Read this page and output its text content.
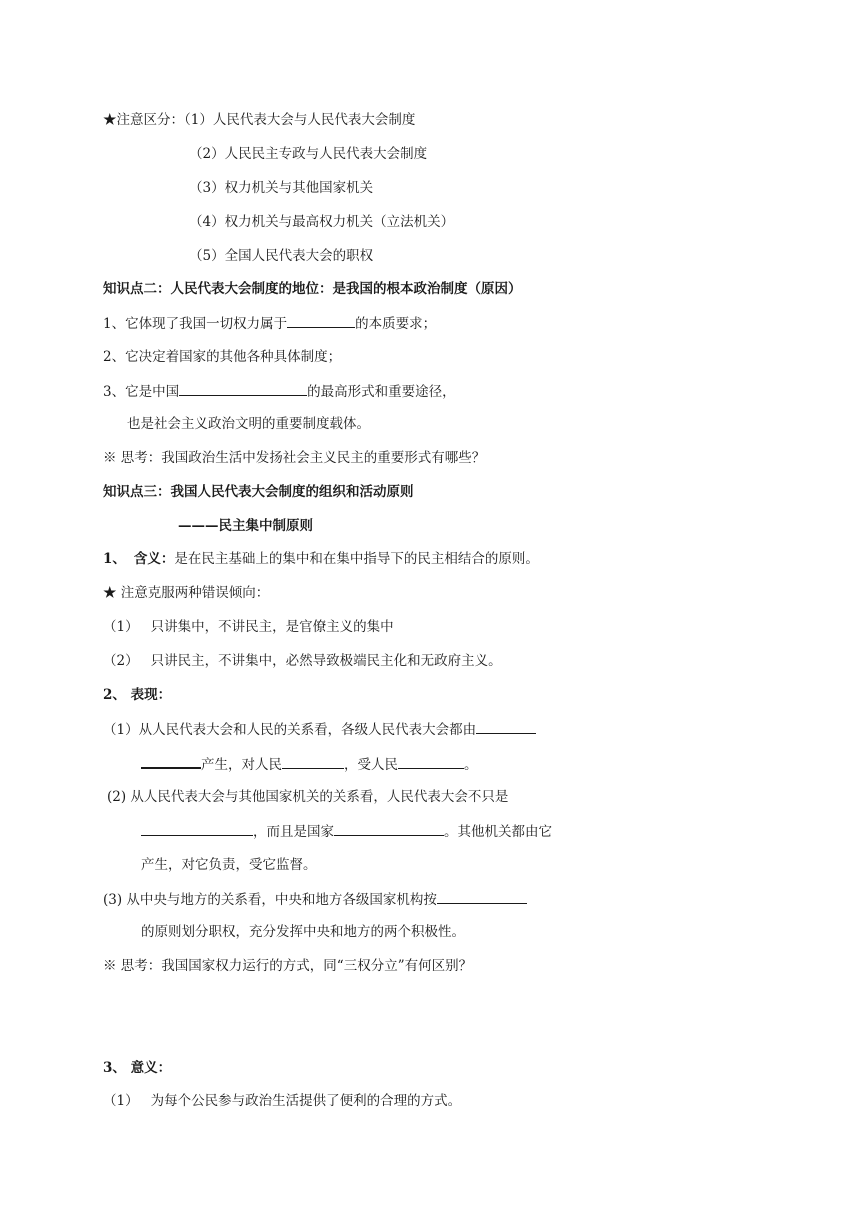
★注意区分：（1）人民代表大会与人民代表大会制度
（2）人民民主专政与人民代表大会制度
（3）权力机关与其他国家机关
（4）权力机关与最高权力机关（立法机关）
（5）全国人民代表大会的职权
知识点二：人民代表大会制度的地位：是我国的根本政治制度（原因）
1、它体现了我国一切权力属于	的本质要求；
2、它决定着国家的其他各种具体制度；
3、它是中国	的最高形式和重要途径，
也是社会主义政治文明的重要制度载体。
※ 思考：我国政治生活中发扬社会主义民主的重要形式有哪些？
知识点三：我国人民代表大会制度的组织和活动原则
———民主集中制原则
1、 含义：是在民主基础上的集中和在集中指导下的民主相结合的原则。
★ 注意克服两种错误倾向：
（1） 只讲集中，不讲民主，是官僚主义的集中
（2） 只讲民主，不讲集中，必然导致极端民主化和无政府主义。
2、 表现：
（1）从人民代表大会和人民的关系看，各级人民代表大会都由
产生，对人民	，受人民	。
(2) 从人民代表大会与其他国家机关的关系看，人民代表大会不只是
，而且是国家	。其他机关都由它
产生，对它负责，受它监督。
(3) 从中央与地方的关系看，中央和地方各级国家机构按
的原则划分职权，充分发挥中央和地方的两个积极性。
※ 思考：我国国家权力运行的方式，同“三权分立”有何区别？
3、 意义：
（1） 为每个公民参与政治生活提供了便利的合理的方式。
